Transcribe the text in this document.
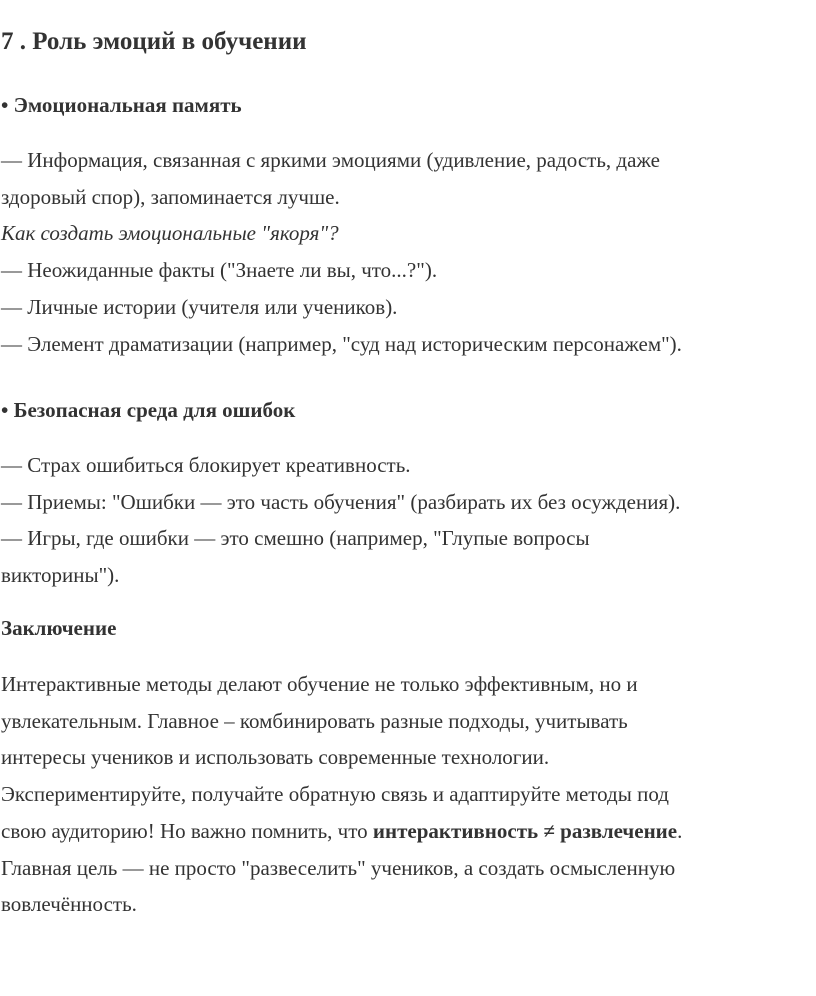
7 . Роль эмоций в обучении
• Эмоциональная память
— Информация, связанная с яркими эмоциями (удивление, радость, даже
здоровый спор), запоминается лучше.
Как создать эмоциональные "якоря"?
— Неожиданные факты ("Знаете ли вы, что...?").
— Личные истории (учителя или учеников).
— Элемент драматизации (например, "суд над историческим персонажем").
• Безопасная среда для ошибок
— Страх ошибиться блокирует креативность.
— Приемы: "Ошибки — это часть обучения" (разбирать их без осуждения).
— Игры, где ошибки — это смешно (например, "Глупые вопросы
викторины").
Заключение
Интерактивные методы делают обучение не только эффективным, но и
увлекательным. Главное – комбинировать разные подходы, учитывать
интересы учеников и использовать современные технологии.
Экспериментируйте, получайте обратную связь и адаптируйте методы под
свою аудиторию! Но важно помнить, что интерактивность ≠ развлечение.
Главная цель — не просто "развеселить" учеников, а создать осмысленную
вовлечённость.
